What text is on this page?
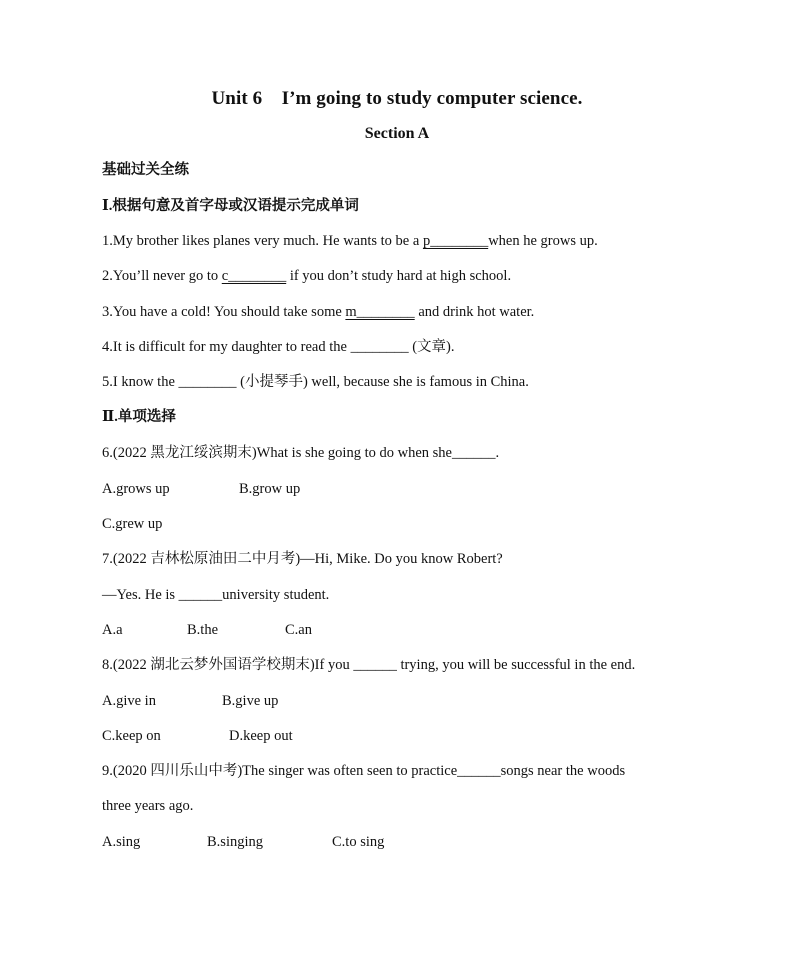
Unit 6    I’m going to study computer science.
Section A
基础过关全练
Ⅰ.根据句意及首字母或汉语提示完成单词
1.My brother likes planes very much. He wants to be a p________when he grows up.
2.You’ll never go to c________ if you don’t study hard at high school.
3.You have a cold! You should take some m________ and drink hot water.
4.It is difficult for my daughter to read the ________ (文章).
5.I know the ________ (小提琴手) well, because she is famous in China.
Ⅱ.单项选择
6.(2022 黑龙江绥滨期末)What is she going to do when she______.
A.grows up	B.grow up
C.grew up
7.(2022 吉林松原油田二中月考)—Hi, Mike. Do you know Robert?
—Yes. He is ______university student.
A.a	B.the	C.an
8.(2022 湖北云梦外国语学校期末)If you ______ trying, you will be successful in the end.
A.give in	B.give up
C.keep on	D.keep out
9.(2020 四川乐山中考)The singer was often seen to practice______songs near the woods
three years ago.
A.sing	B.singing	C.to sing
